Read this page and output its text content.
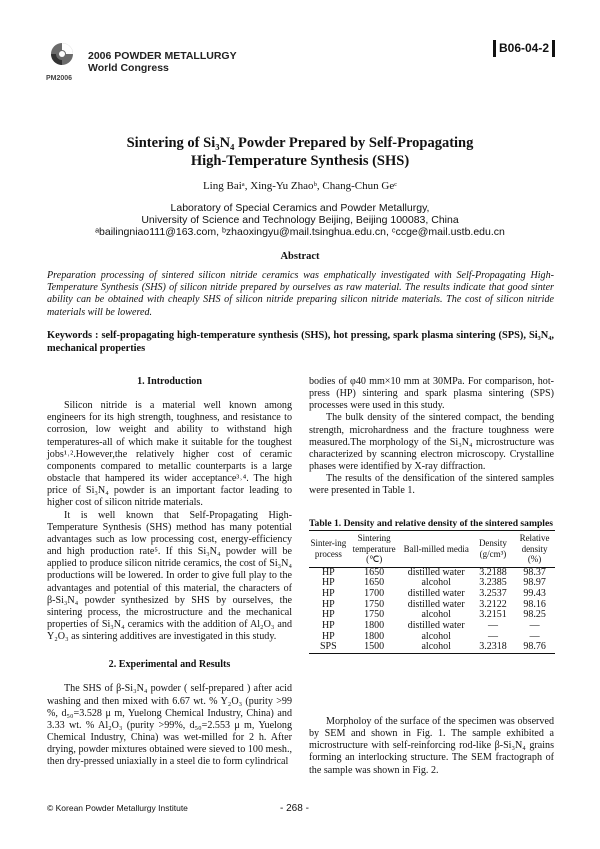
PM2006
2006 POWDER METALLURGY
World Congress
B06-04-2
Sintering of Si₃N₄ Powder Prepared by Self-Propagating
High-Temperature Synthesis (SHS)
Ling Baiᵃ, Xing-Yu Zhaoᵇ, Chang-Chun Geᶜ
Laboratory of Special Ceramics and Powder Metallurgy,
University of Science and Technology Beijing, Beijing 100083, China
ᵃbailingniao111@163.com, ᵇzhaoxingyu@mail.tsinghua.edu.cn, ᶜccge@mail.ustb.edu.cn
Abstract
Preparation processing of sintered silicon nitride ceramics was emphatically investigated with Self-Propagating High-Temperature Synthesis (SHS) of silicon nitride prepared by ourselves as raw material. The results indicate that good sinter ability can be obtained with cheaply SHS of silicon nitride preparing silicon nitride materials. The cost of silicon nitride materials will be lowered.
Keywords : self-propagating high-temperature synthesis (SHS), hot pressing, spark plasma sintering (SPS), Si₃N₄, mechanical properties
1. Introduction

Silicon nitride is a material well known among engineers for its high strength, toughness, and resistance to corrosion, low weight and ability to withstand high temperatures-all of which make it suitable for the toughest jobs¹˒².However,the relatively higher cost of ceramic components compared to metallic counterparts is a large obstacle that hampered its wider acceptance³˒⁴. The high price of Si₃N₄ powder is an important factor leading to higher cost of silicon nitride materials.

It is well known that Self-Propagating High-Temperature Synthesis (SHS) method has many potential advantages such as low processing cost, energy-efficiency and high production rate⁵. If this Si₃N₄ powder will be applied to produce silicon nitride ceramics, the cost of Si₃N₄ productions will be lowered. In order to give full play to the advantages and potential of this material, the characters of β-Si₃N₄ powder synthesized by SHS by ourselves, the sintering process, the microstructure and the mechanical properties of Si₃N₄ ceramics with the addition of Al₂O₃ and Y₂O₃ as sintering additives are investigated in this study.

2. Experimental and Results

The SHS of β-Si₃N₄ powder ( self-prepared ) after acid washing and then mixed with 6.67 wt. % Y₂O₃ (purity >99 %, d₅₀=3.528 μ m, Yuelong Chemical Industry, China) and 3.33 wt. % Al₂O₃ (purity >99%, d₅₀=2.553 μ m, Yuelong Chemical Industry, China) was wet-milled for 2 h. After drying, powder mixtures obtained were sieved to 100 mesh., then dry-pressed uniaxially in a steel die to form cylindrical

bodies of φ40 mm×10 mm at 30MPa. For comparison, hot-press (HP) sintering and spark plasma sintering (SPS) processes were used in this study.

The bulk density of the sintered compact, the bending strength, microhardness and the fracture toughness were measured.The morphology of the Si₃N₄ microstructure was characterized by scanning electron microscopy. Crystalline phases were identified by X-ray diffraction.

The results of the densification of the sintered samples were presented in Table 1.

Table 1. Density and relative density of the sintered samples
Sinter-ing process	Sintering temperature (℃)	Ball-milled media	Density (g/cm³)	Relative density (%)
HP	1650	distilled water	3.2188	98.37
HP	1650	alcohol	3.2385	98.97
HP	1700	distilled water	3.2537	99.43
HP	1750	distilled water	3.2122	98.16
HP	1750	alcohol	3.2151	98.25
HP	1800	distilled water	—	—
HP	1800	alcohol	—	—
SPS	1500	alcohol	3.2318	98.76

Morpholoy of the surface of the specimen was observed by SEM and shown in Fig. 1. The sample exhibited a microstructure with self-reinforcing rod-like β-Si₃N₄ grains forming an interlocking structure. The SEM fractograph of the sample was shown in Fig. 2.

© Korean Powder Metallurgy Institute	- 268 -
